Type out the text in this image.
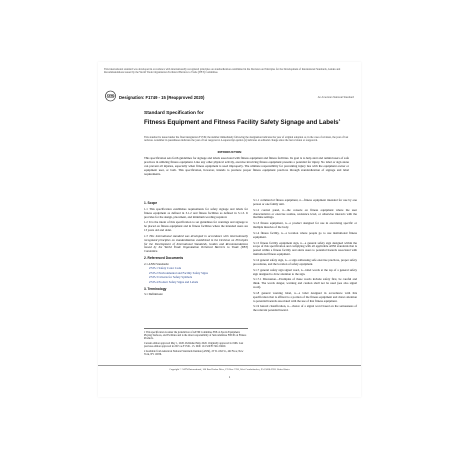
This international standard was developed in accordance with internationally recognized principles on standardization established in the Decision on Principles for the Development of International Standards, Guides and Recommendations issued by the World Trade Organization Technical Barriers to Trade (TBT) Committee.
ASTM Designation: F1749 - 15 (Reapproved 2020)	An American National Standard
Standard Specification for
Fitness Equipment and Fitness Facility Safety Signage and Labels$^1$
This standard is issued under the fixed designation F1749; the number immediately following the designation indicates the year of original adoption or, in the case of revision, the year of last revision. A number in parentheses indicates the year of last reapproval. A superscript epsilon (ε) indicates an editorial change since the last revision or reapproval.
INTRODUCTION
This specification sets forth guidelines for signage and labels associated with fitness equipment and fitness facilities. Its goal is to help alert and remind users of safe practices in utilizing fitness equipment. Like any other physical activity, exercise involving fitness equipment presents a potential for injury. No label or sign alone can prevent all injuries, especially when fitness equipment is used improperly. The ultimate responsibility for preventing injury lies with the equipment owner or equipment user, or both. This specification, however, intends to promote proper fitness equipment practices through standardization of signage and label requirements.
1. Scope

1.1 This specification establishes requirements for safety signage and labels for fitness equipment as defined in 3.1.2 and fitness facilities as defined in 3.1.3. It provides for the design, placement, and minimum wording required.

1.2 It is the intent of this specification to set guidelines for warnings and signage to be placed on fitness equipment and in fitness facilities where the intended users are 13 years old and older.

1.3 This international standard was developed in accordance with internationally recognized principles on standardization established in the Decision on Principles for the Development of International Standards, Guides and Recommendations issued by the World Trade Organization Technical Barriers to Trade (TBT) Committee.

2. Referenced Documents

2.1 ANSI Standards:

Z535.1 Safety Color Code
Z535.2 Environmental and Facility Safety Signs
Z535.3 Criteria for Safety Symbols
Z535.4 Product Safety Signs and Labels
3. Terminology

3.1 Definitions:

1 This specification is under the jurisdiction of ASTM Committee F08 on Sports Equipment, Playing Surfaces, and Facilities and is the direct responsibility of Subcommittee F08.30 on Fitness Products.

Current edition approved May 1, 2020. Published May 2020. Originally approved in 1996. Last previous edition approved in 2015 as F1749 - 15. DOI: 10.1520/F1749-15R20.

2 Available from American National Standards Institute (ANSI), 25 W. 43rd St., 4th Floor, New York, NY 10036.

3.1.1 commercial fitness equipment, n—fitness equipment intended for use by one person or one family unit.

3.1.2 control panel, n—the console on fitness equipment where the user characteristics or exercise routine, resistance level, or otherwise interacts with the machine settings.

3.1.3 fitness equipment, n—a product designed for use in exercising specific or multiple muscles of the body.

3.1.4 fitness facility, n—a location where people go to use institutional fitness equipment.

3.1.5 fitness facility equipment sign, n—a general safety sign designed within the scope of this specification and complying with all applicable ANSI standards that is posted within a fitness facility and alerts users to potential hazards associated with institutional fitness equipment.

3.1.6 general safety sign, n—a sign addressing safe exercise practices, proper safety procedures, and the location of safety equipment.

3.1.7 general safety sign signal word, n—label words at the top of a general safety sign designed to draw attention to the sign.

3.1.7.1 Discussion—Examples of these words include safety first, be careful and think. The words danger, warning and caution shall not be used (see also signal word).

3.1.8 general warning label, n—a label designed in accordance with this specification that is affixed to a portion of the fitness equipment and draws attention to potential hazards associated with the use of that fitness equipment.

3.1.9 hazard classification, n—choice of a signal word based on the seriousness of the relevant potential hazard.

Copyright © ASTM International, 100 Barr Harbor Drive, PO Box C700, West Conshohocken, PA 19428-2959. United States
1
